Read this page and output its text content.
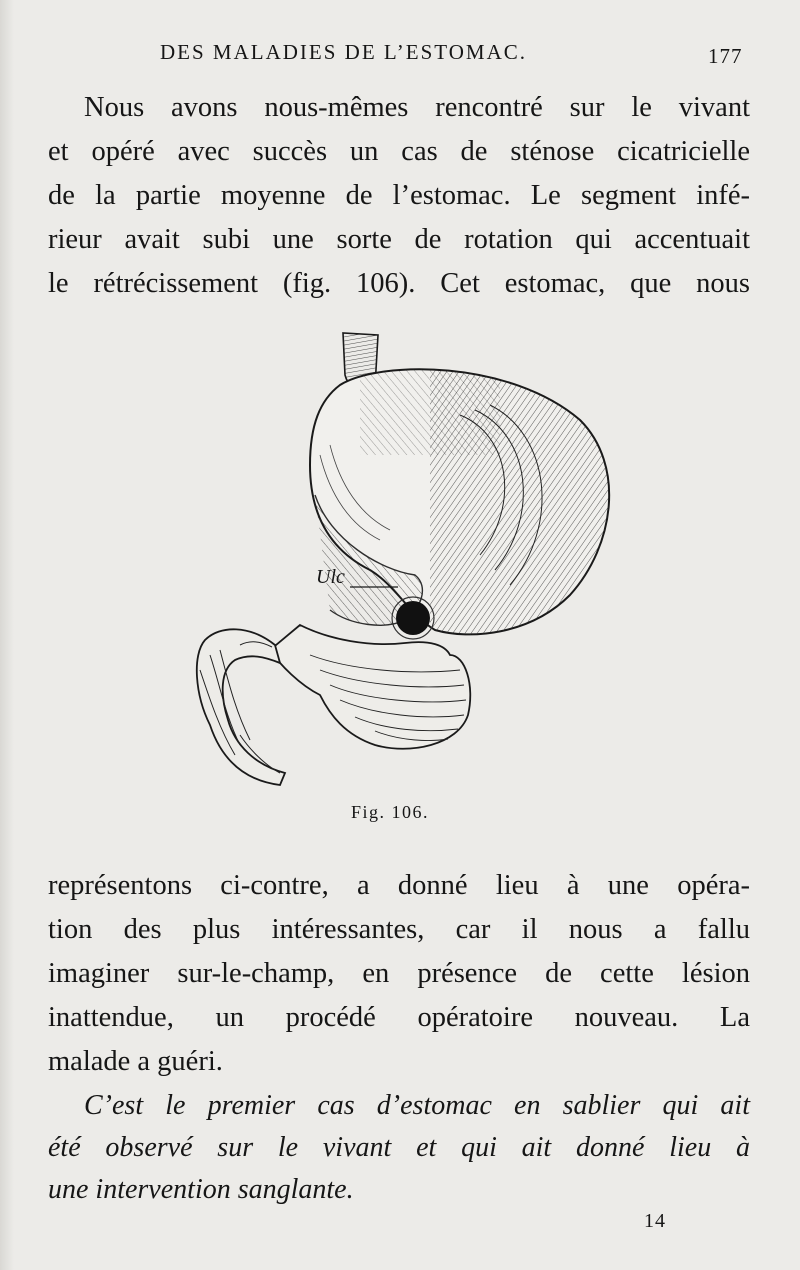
DES MALADIES DE L’ESTOMAC.	177
Nous avons nous-mêmes rencontré sur le vivant
et opéré avec succès un cas de sténose cicatricielle
de la partie moyenne de l’estomac. Le segment infé-
rieur avait subi une sorte de rotation qui accentuait
le rétrécissement (fig. 106). Cet estomac, que nous
Ulc
Fig. 106.
représentons ci-contre, a donné lieu à une opéra-
tion des plus intéressantes, car il nous a fallu
imaginer sur-le-champ, en présence de cette lésion
inattendue, un procédé opératoire nouveau. La
malade a guéri.
C’est le premier cas d’estomac en sablier qui ait
été observé sur le vivant et qui ait donné lieu à
une intervention sanglante.
14
